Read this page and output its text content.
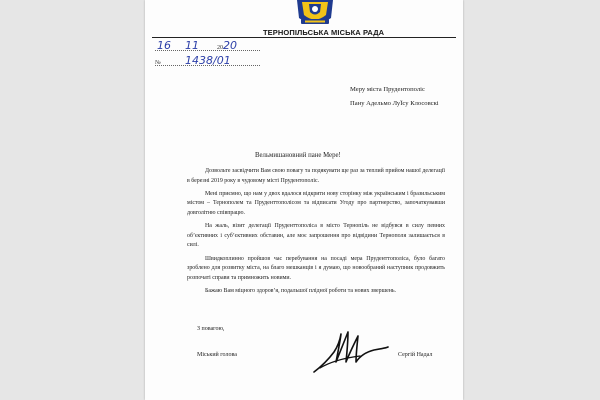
ТЕРНОПІЛЬСЬКА МІСЬКА РАДА
16 11	20 20
№ 1438/01
Меру міста Прудентополіс
Пану Адельмо ЛуЇсу Клосовскі
Вельмишановний пане Мере!

Дозвольте засвідчити Вам свою повагу та подякувати ще раз за теплий прийом нашої делегації в березні 2019 року в чудовому місті Прудентополіс.

Мені приємно, що нам у двох вдалося відкрити нову сторінку між українським і бразильським містом – Тернополем та Пруденттополісом та відписати Угоду про партнерство, започаткувавши довголітню співпрацю.

На жаль, візит делегації Пруденттополіса в місто Тернопіль не відбувся в силу певних об’єктивних і суб’єктивних обставин, але моє запрошення про відвідини Тернополя залишається в силі.

Швидкоплинно пройшов час перебування на посаді мера Пруденттополіса, було багато зроблено для розвитку міста, на благо мешканців і я думаю, що новообраний наступник продовжить розпочаті справи та примножить новими.

Бажаю Вам міцного здоров’я, подальшої плідної роботи та нових звершень.

З повагою,
Міський голова	Сергій Надал
